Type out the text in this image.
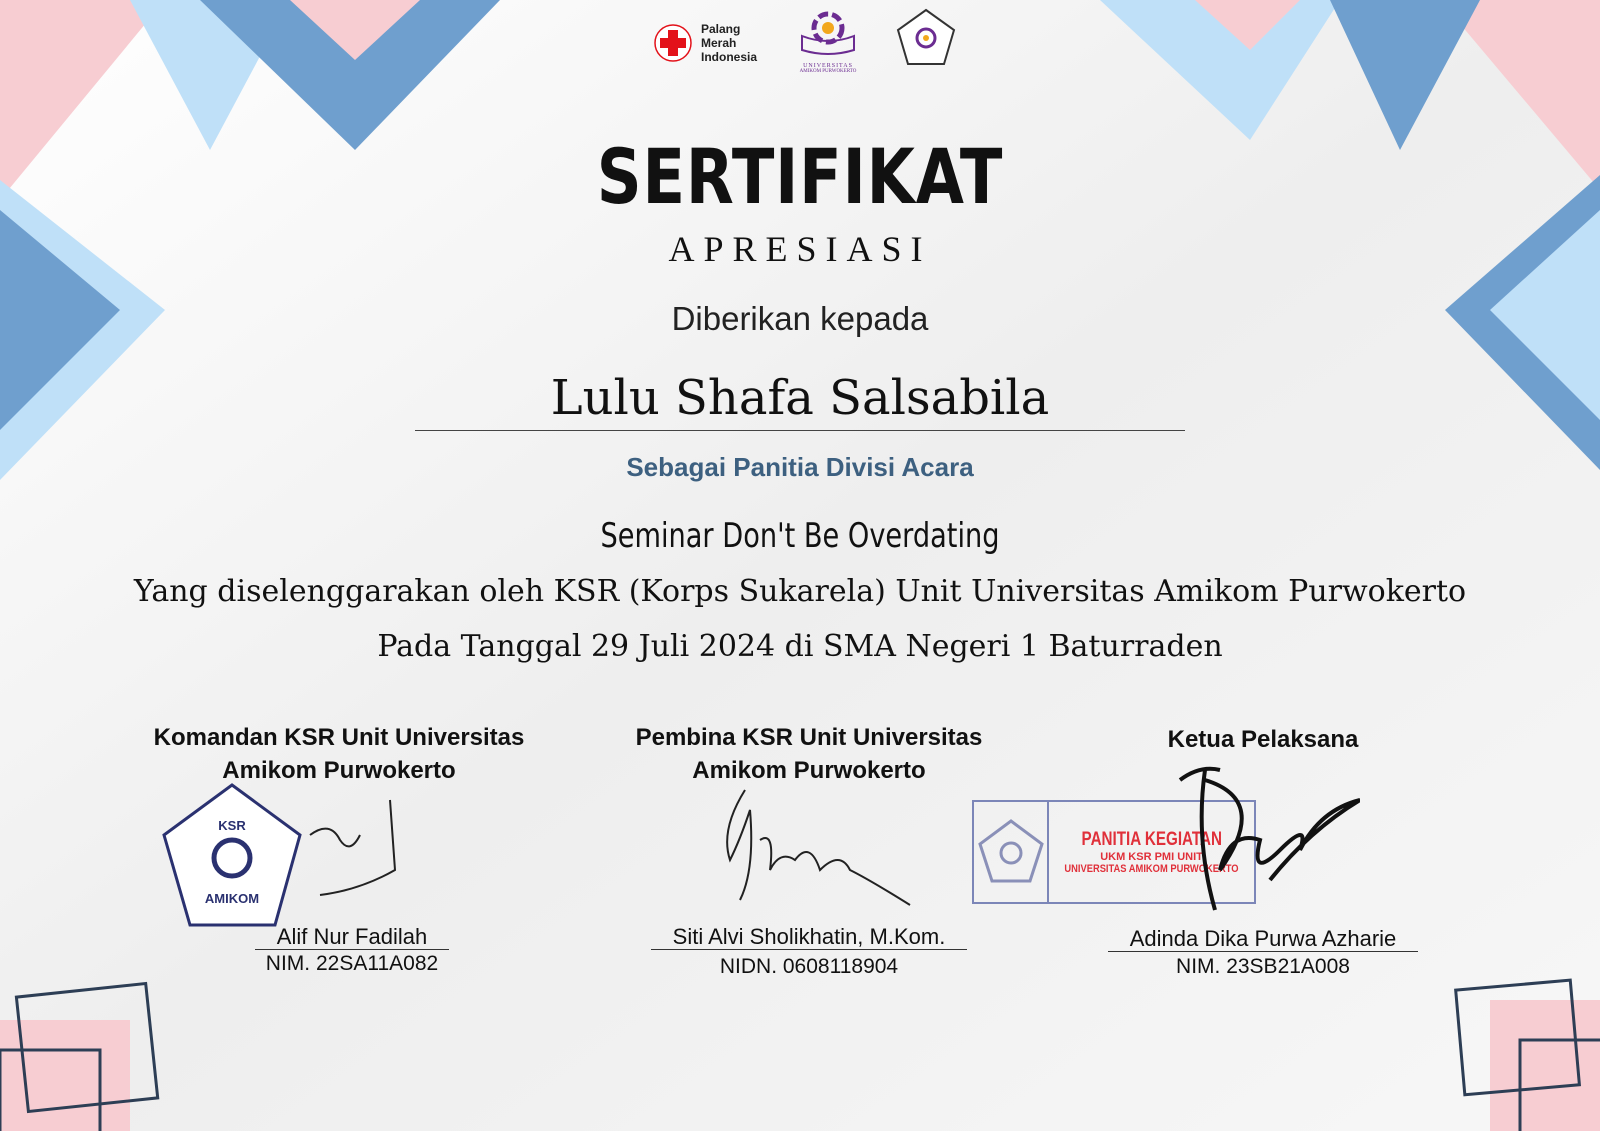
Palang
Merah
Indonesia
UNIVERSITAS
AMIKOM PURWOKERTO
SERTIFIKAT
APRESIASI
Diberikan kepada
Lulu Shafa Salsabila
Sebagai Panitia Divisi Acara
Seminar Don't Be Overdating
Yang diselenggarakan oleh KSR (Korps Sukarela) Unit Universitas Amikom Purwokerto
Pada Tanggal 29 Juli 2024 di SMA Negeri 1 Baturraden
Komandan KSR Unit Universitas
Amikom Purwokerto
KSR
AMIKOM
Alif Nur Fadilah
NIM. 22SA11A082
Pembina KSR Unit Universitas
Amikom Purwokerto
Siti Alvi Sholikhatin, M.Kom.
NIDN. 0608118904
Ketua Pelaksana
PANITIA KEGIATAN
UKM KSR PMI UNIT
UNIVERSITAS AMIKOM PURWOKERTO
Adinda Dika Purwa Azharie
NIM. 23SB21A008
